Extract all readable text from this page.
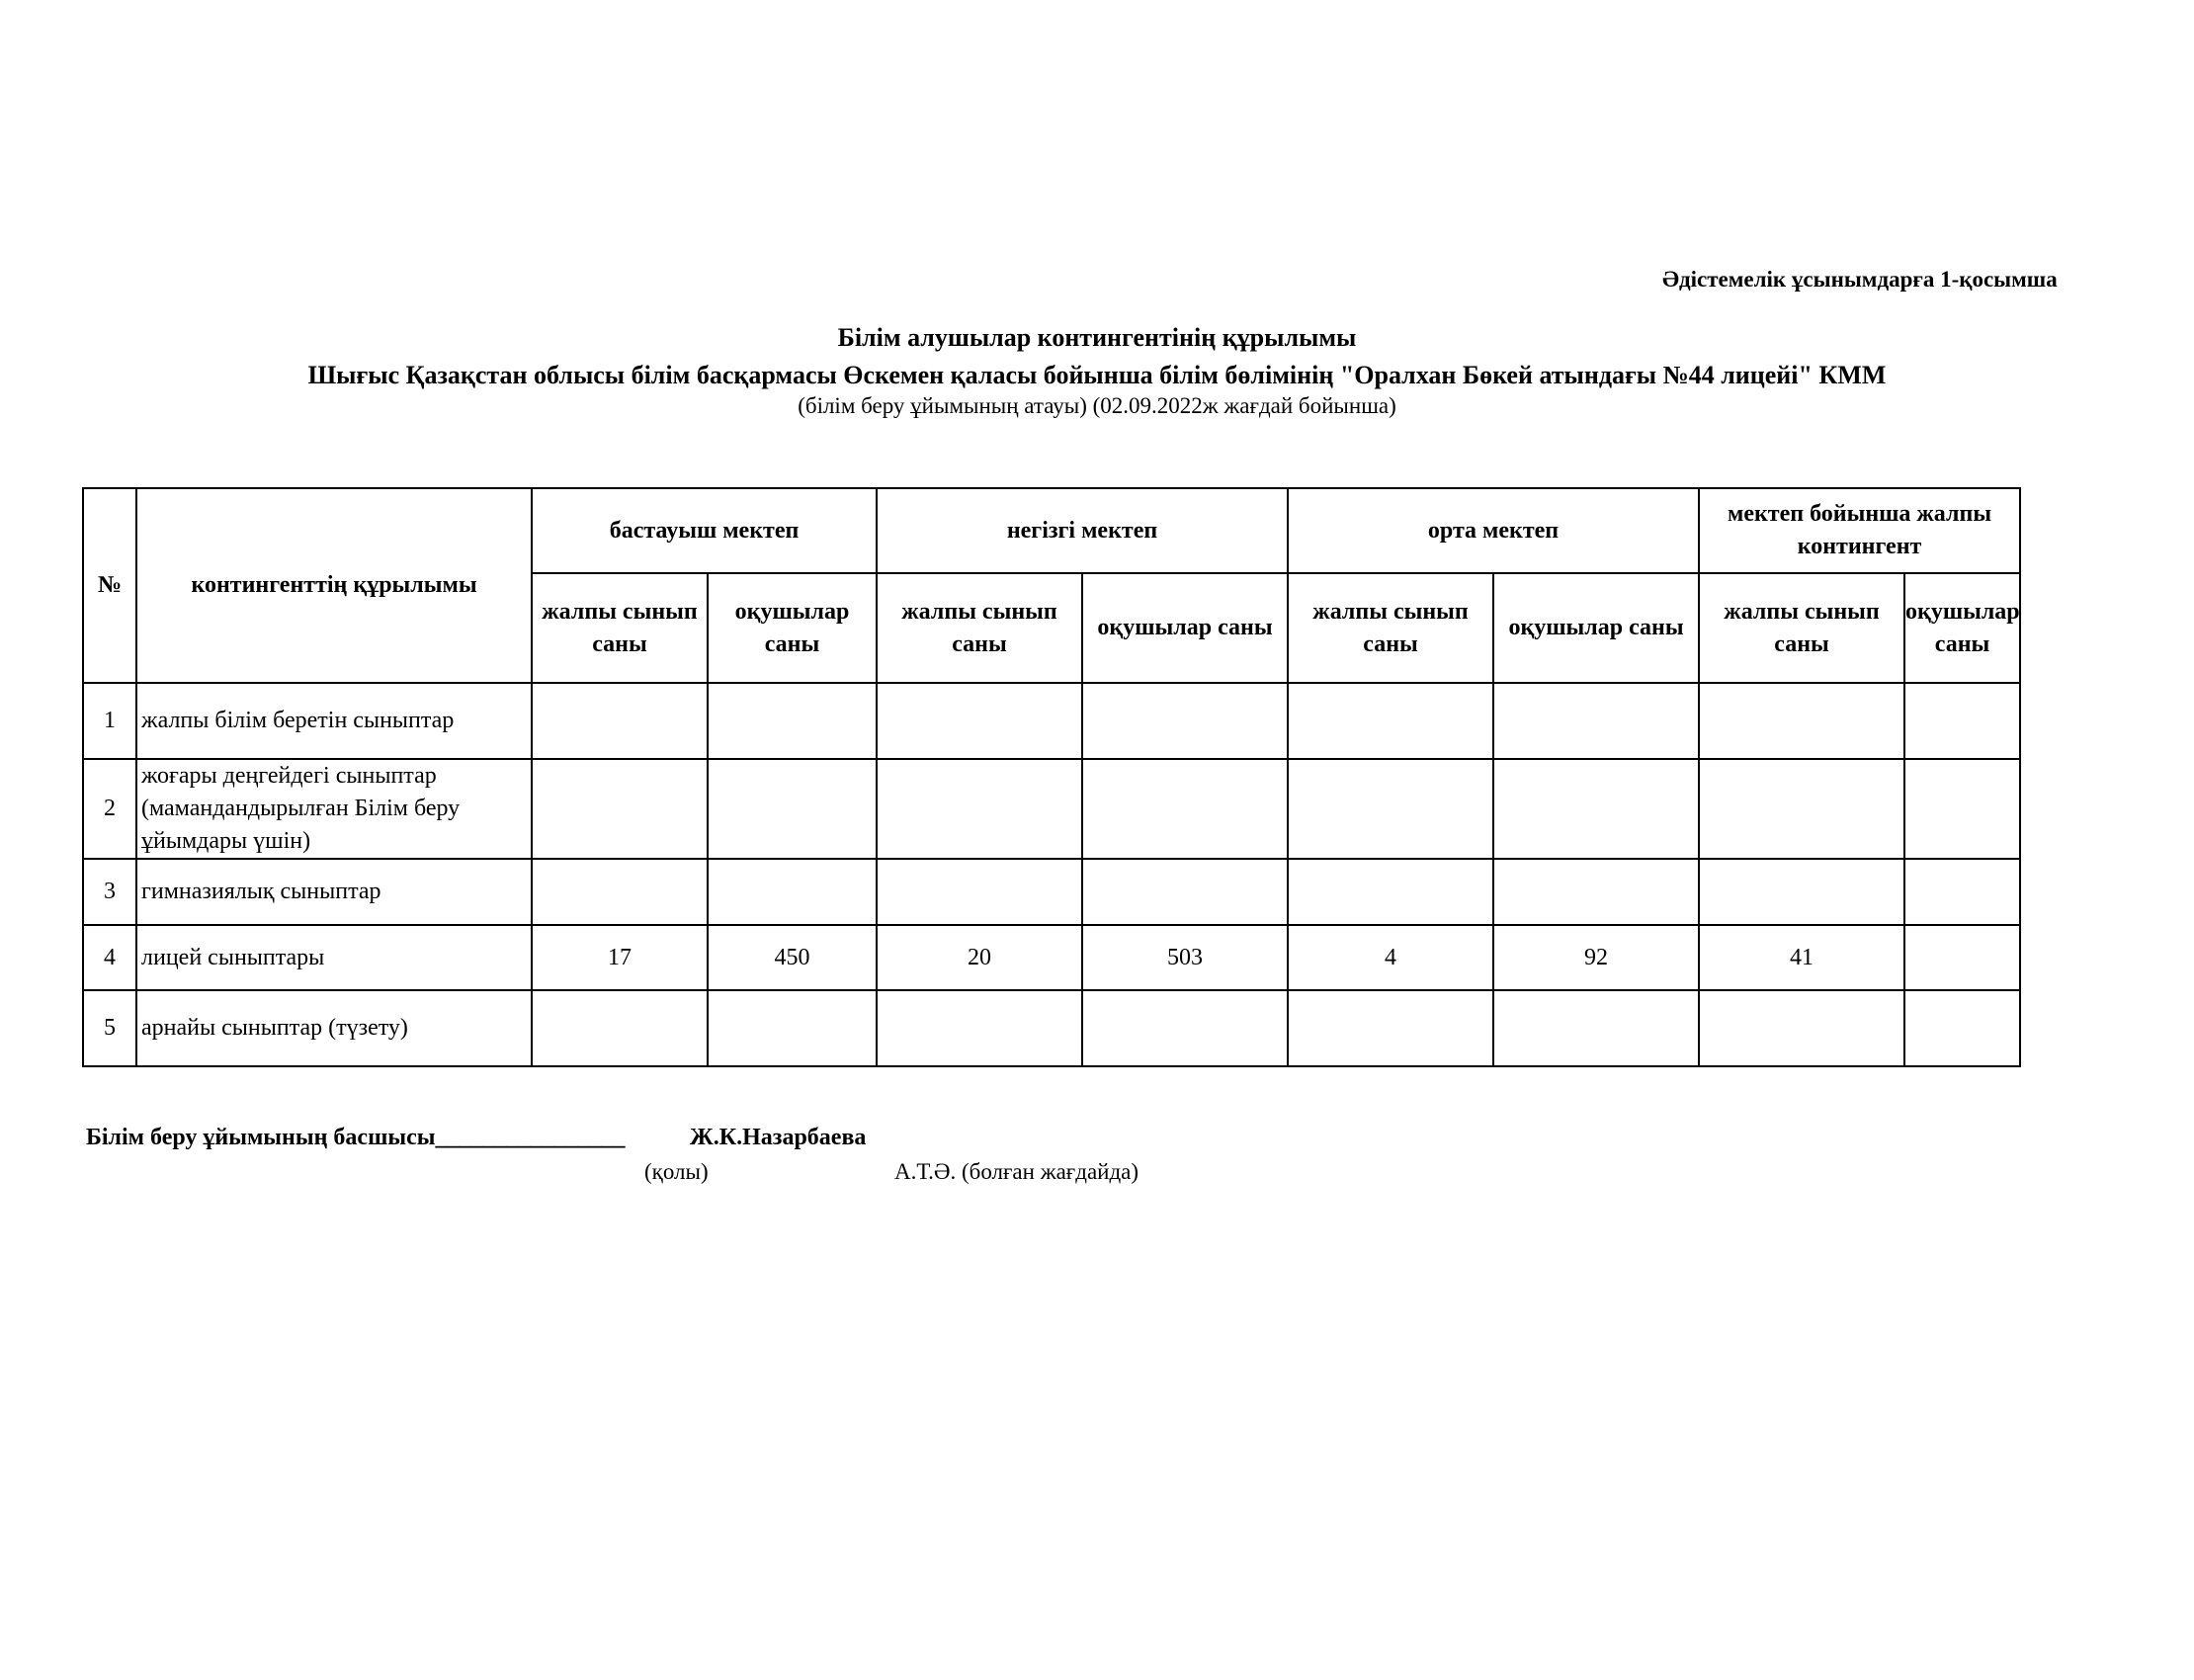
Әдістемелік ұсынымдарға 1-қосымша
Білім алушылар контингентінің құрылымы
Шығыс Қазақстан облысы білім басқармасы Өскемен қаласы бойынша білім бөлімінің "Оралхан Бөкей атындағы №44 лицейі" КММ
(білім беру ұйымының атауы) (02.09.2022ж жағдай бойынша)
№	контингенттің құрылымы	бастауыш мектеп		негізгі мектеп		орта мектеп		мектеп бойынша жалпы контингент	
		жалпы сынып саны	оқушылар саны	жалпы сынып саны	оқушылар саны	жалпы сынып саны	оқушылар саны	жалпы сынып саны	оқушылар саны
1	жалпы білім беретін сыныптар								
2	жоғары деңгейдегі сыныптар (мамандандырылған Білім беру ұйымдары үшін)								
3	гимназиялық сыныптар								
4	лицей сыныптары	17	450	20	503	4	92	41	
5	арнайы сыныптар (түзету)								
Білім беру ұйымының басшысы________________	Ж.К.Назарбаева
(қолы)	А.Т.Ә. (болған жағдайда)
